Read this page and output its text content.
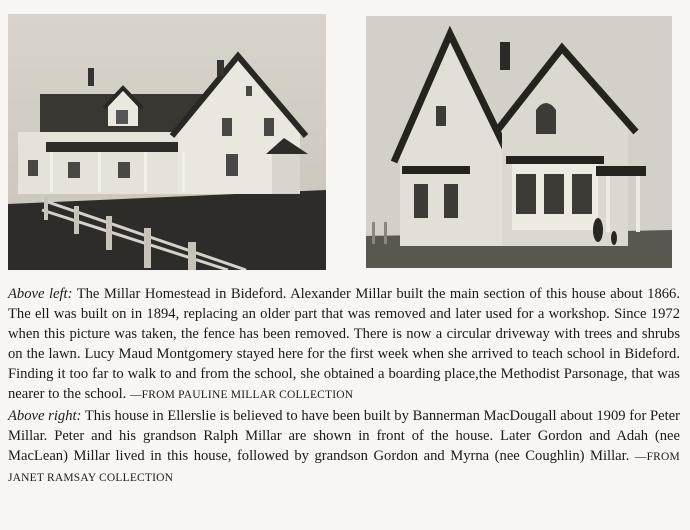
Above left: The Millar Homestead in Bideford. Alexander Millar built the main section of this house about 1866. The ell was built on in 1894, replacing an older part that was removed and later used for a workshop. Since 1972 when this picture was taken, the fence has been removed. There is now a circular driveway with trees and shrubs on the lawn. Lucy Maud Montgomery stayed here for the first week when she arrived to teach school in Bideford. Finding it too far to walk to and from the school, she obtained a boarding place,the Methodist Parsonage, that was nearer to the school. —FROM PAULINE MILLAR COLLECTION

Above right: This house in Ellerslie is believed to have been built by Bannerman MacDougall about 1909 for Peter Millar. Peter and his grandson Ralph Millar are shown in front of the house. Later Gordon and Adah (nee MacLean) Millar lived in this house, followed by grandson Gordon and Myrna (nee Coughlin) Millar. —FROM JANET RAMSAY COLLECTION
